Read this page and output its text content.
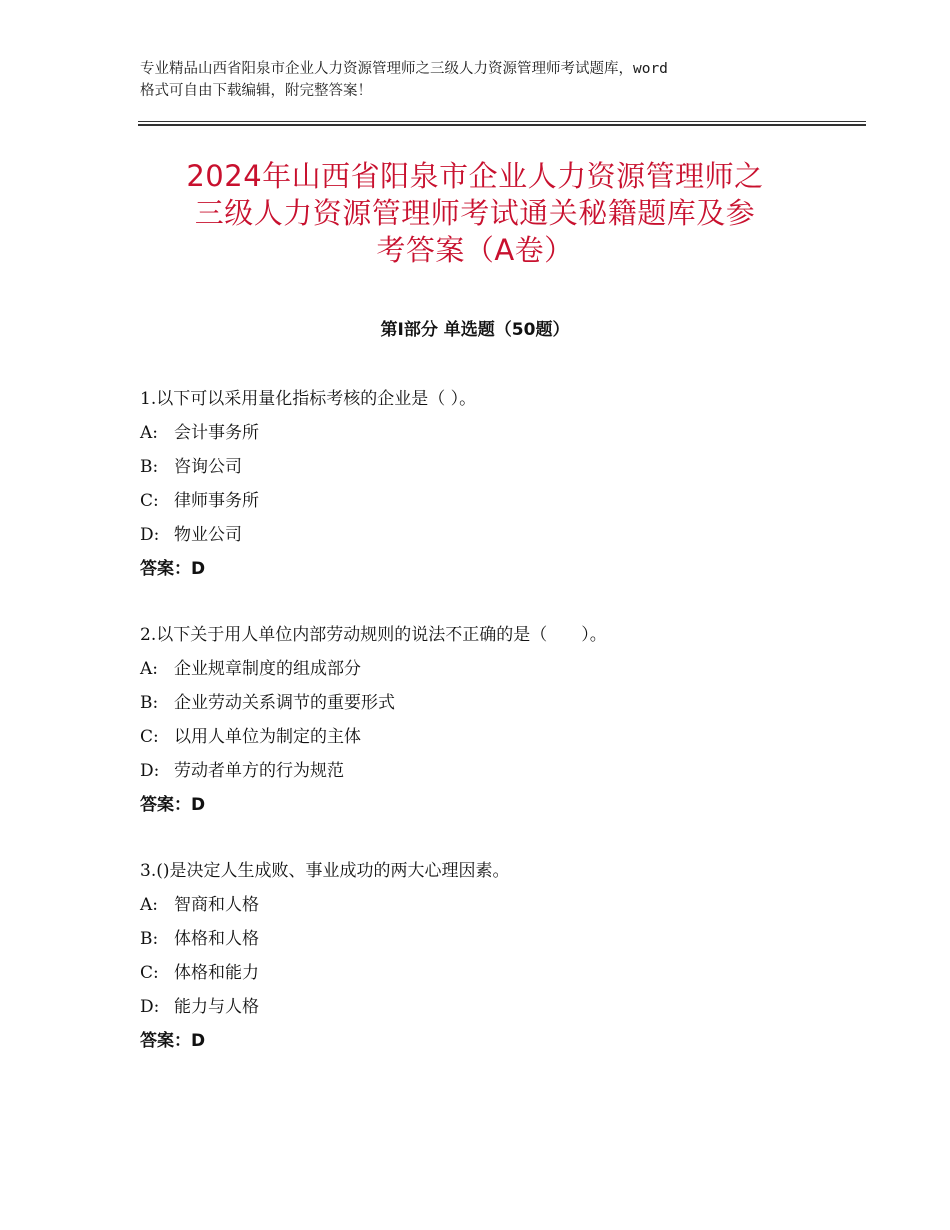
专业精品山西省阳泉市企业人力资源管理师之三级人力资源管理师考试题库，word
格式可自由下载编辑，附完整答案！
2024年山西省阳泉市企业人力资源管理师之
三级人力资源管理师考试通关秘籍题库及参
考答案（A卷）
第Ⅰ部分 单选题（50题）
1.以下可以采用量化指标考核的企业是（ ）。
A: 会计事务所
B: 咨询公司
C: 律师事务所
D: 物业公司
答案：D
2.以下关于用人单位内部劳动规则的说法不正确的是（　　）。
A: 企业规章制度的组成部分
B: 企业劳动关系调节的重要形式
C: 以用人单位为制定的主体
D: 劳动者单方的行为规范
答案：D
3.()是决定人生成败、事业成功的两大心理因素。
A: 智商和人格
B: 体格和人格
C: 体格和能力
D: 能力与人格
答案：D
